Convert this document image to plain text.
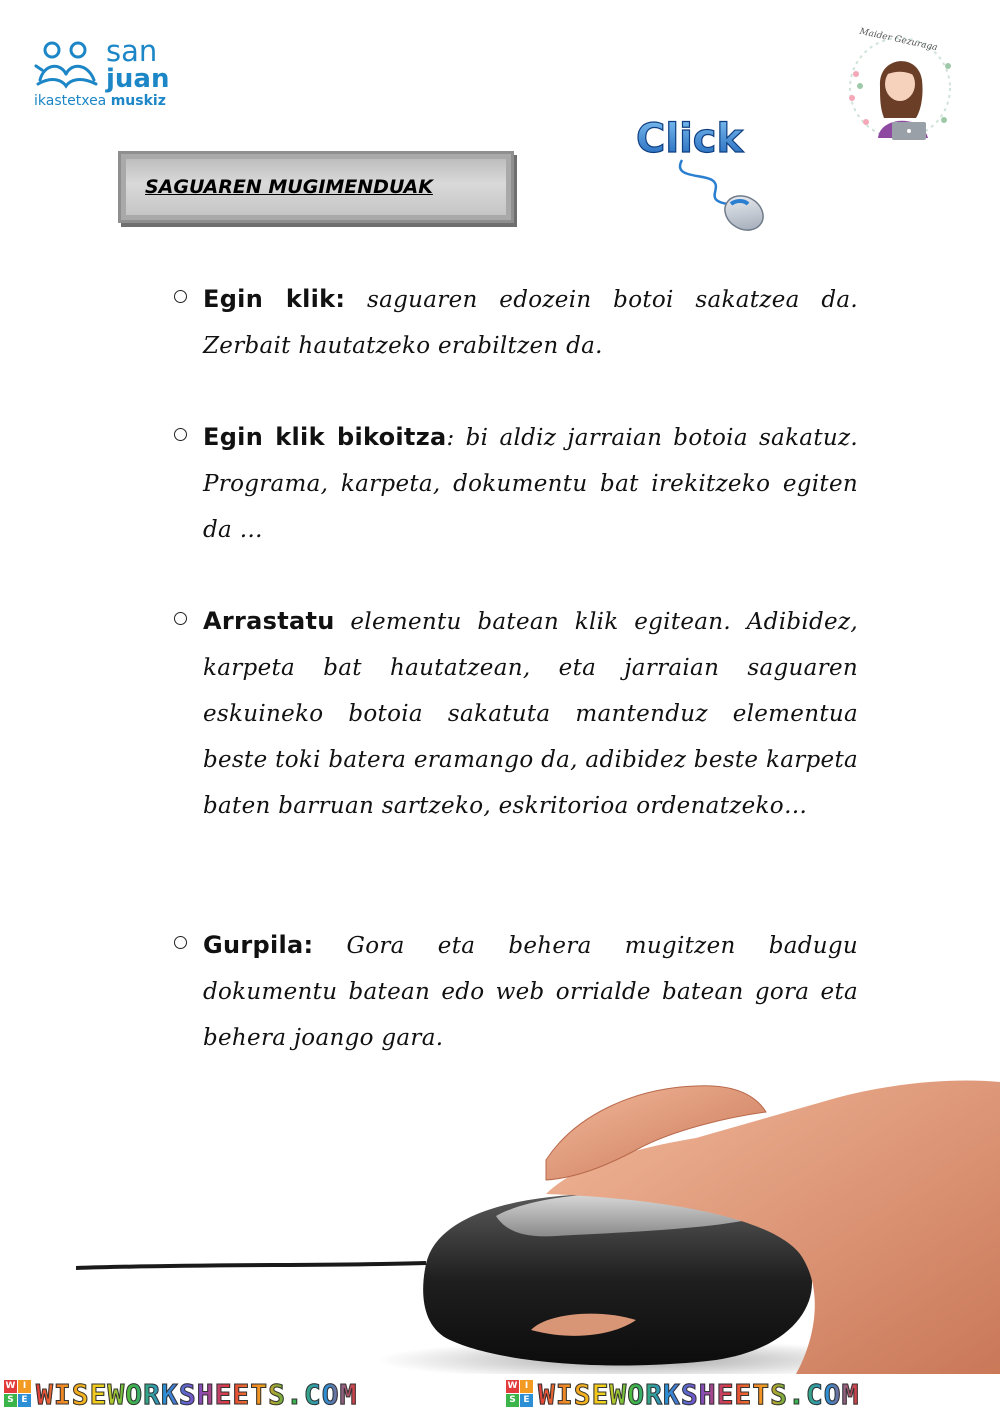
san
juan
ikastetxea muskiz
SAGUAREN MUGIMENDUAK
Click
Maider Gezuraga
Egin klik: saguaren edozein botoi sakatzea da. Zerbait hautatzeko erabiltzen da.
Egin klik bikoitza: bi aldiz jarraian botoia sakatuz. Programa, karpeta, dokumentu bat irekitzeko egiten da …
Arrastatu elementu batean klik egitean. Adibidez, karpeta bat hautatzean, eta jarraian saguaren eskuineko botoia sakatuta mantenduz elementua beste toki batera eramango da, adibidez beste karpeta baten barruan sartzeko, eskritorioa ordenatzeko…
Gurpila: Gora eta behera mugitzen badugu dokumentu batean edo web orrialde batean gora eta behera joango gara.
W I
S E WISEWORKSHEETS.COM	W I
S E WISEWORKSHEETS.COM
